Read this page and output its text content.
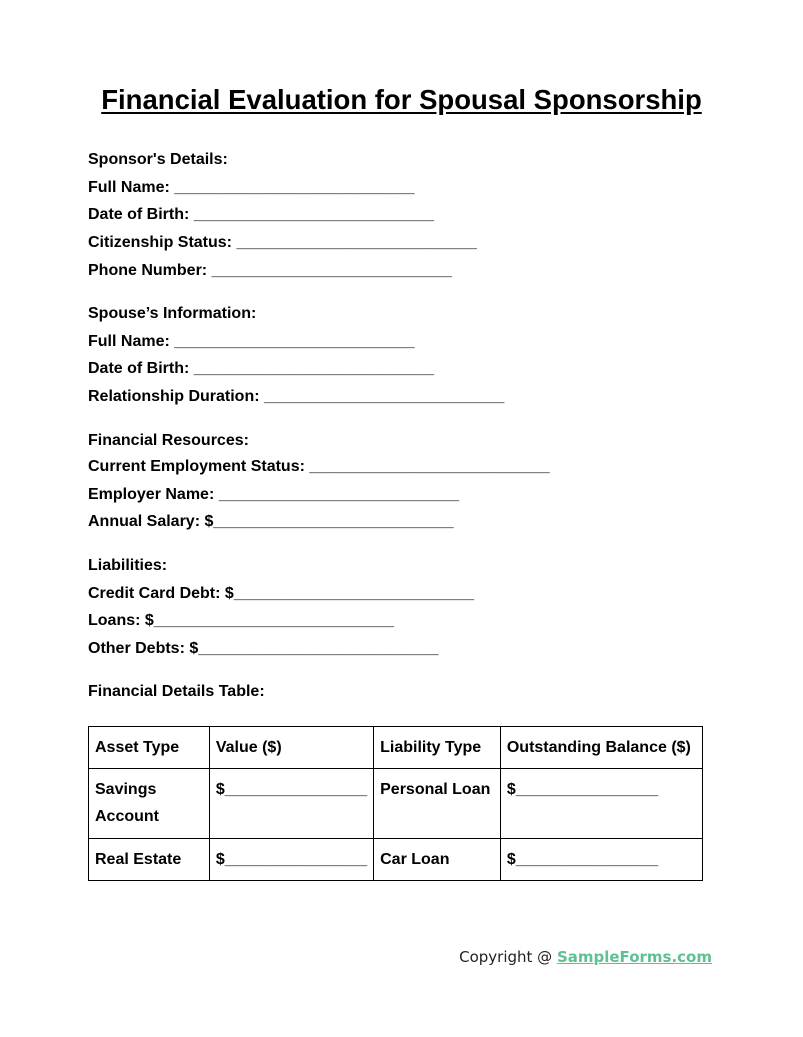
Financial Evaluation for Spousal Sponsorship
Sponsor's Details:
Full Name: ___________________________
Date of Birth: ___________________________
Citizenship Status: ___________________________
Phone Number: ___________________________
Spouse’s Information:
Full Name: ___________________________
Date of Birth: ___________________________
Relationship Duration: ___________________________
Financial Resources:
Current Employment Status: ___________________________
Employer Name: ___________________________
Annual Salary: $___________________________
Liabilities:
Credit Card Debt: $___________________________
Loans: $___________________________
Other Debts: $___________________________
Financial Details Table:
Asset Type	Value ($)	Liability Type	Outstanding Balance ($)
Savings Account	$________________	Personal Loan	$________________
Real Estate	$________________	Car Loan	$________________
Copyright @ SampleForms.com
